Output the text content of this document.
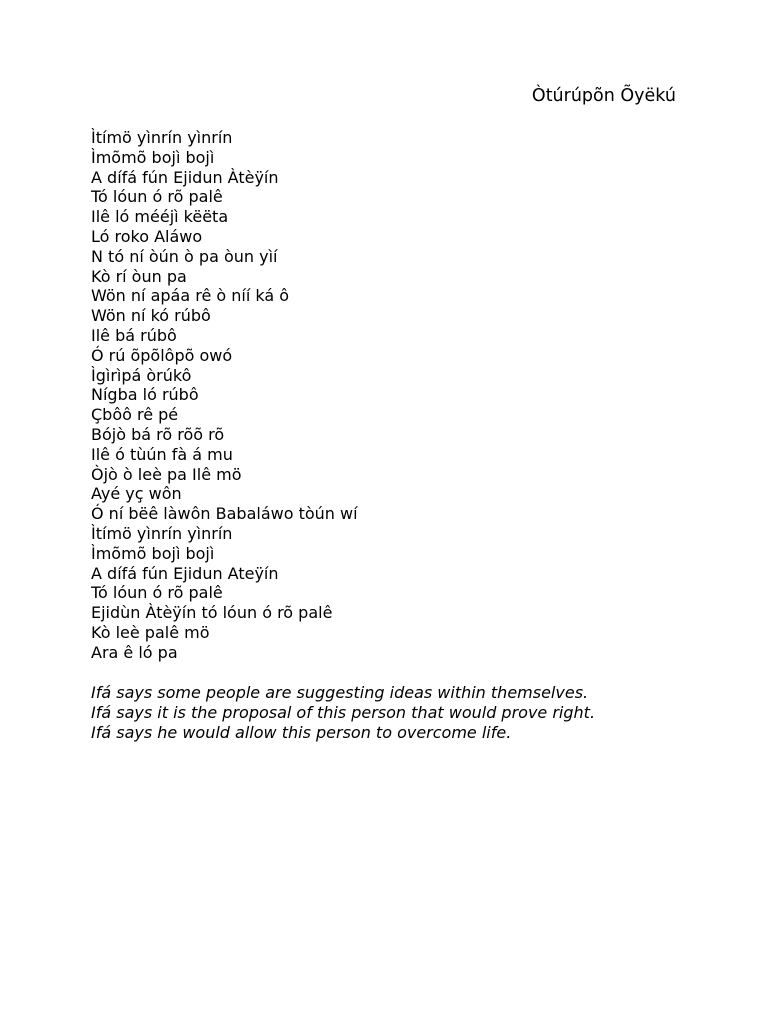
Òtúrúpõn Õyëkú
Ìtímö yìnrín yìnrín
Ìmõmõ bojì bojì
A dífá fún Ejidun Àtèÿín
Tó lóun ó rõ palê
Ilê ló mééjì këëta
Ló roko Aláwo
N tó ní òún ò pa òun yìí
Kò rí òun pa
Wön ní apáa rê ò níí ká ô
Wön ní kó rúbô
Ilê bá rúbô
Ó rú õpõlôpõ owó
Ìgìrìpá òrúkô
Nígba ló rúbô
Çbôô rê pé
Bójò bá rõ rõõ rõ
Ilê ó tùún fà á mu
Òjò ò leè pa Ilê mö
Ayé yç wôn
Ó ní bëê làwôn Babaláwo tòún wí
Ìtímö yìnrín yìnrín
Ìmõmõ bojì bojì
A dífá fún Ejidun Ateÿín
Tó lóun ó rõ palê
Ejidùn Àtèÿín tó lóun ó rõ palê
Kò leè palê mö
Ara ê ló pa
Ifá says some people are suggesting ideas within themselves.
Ifá says it is the proposal of this person that would prove right.
Ifá says he would allow this person to overcome life.
